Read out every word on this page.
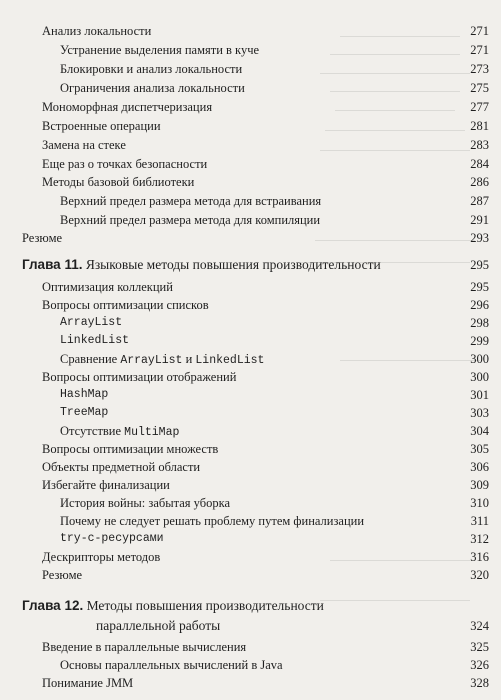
Анализ локальности	271
Устранение выделения памяти в куче	271
Блокировки и анализ локальности	273
Ограничения анализа локальности	275
Мономорфная диспетчеризация	277
Встроенные операции	281
Замена на стеке	283
Еще раз о точках безопасности	284
Методы базовой библиотеки	286
Верхний предел размера метода для встраивания	287
Верхний предел размера метода для компиляции	291
Резюме	293
Глава 11. Языковые методы повышения производительности	295
Оптимизация коллекций	295
Вопросы оптимизации списков	296
ArrayList	298
LinkedList	299
Сравнение ArrayList и LinkedList	300
Вопросы оптимизации отображений	300
HashMap	301
TreeMap	303
Отсутствие MultiMap	304
Вопросы оптимизации множеств	305
Объекты предметной области	306
Избегайте финализации	309
История войны: забытая уборка	310
Почему не следует решать проблему путем финализации	311
try-с-ресурсами	312
Дескрипторы методов	316
Резюме	320
Глава 12. Методы повышения производительности
параллельной работы	324
Введение в параллельные вычисления	325
Основы параллельных вычислений в Java	326
Понимание JMM	328
